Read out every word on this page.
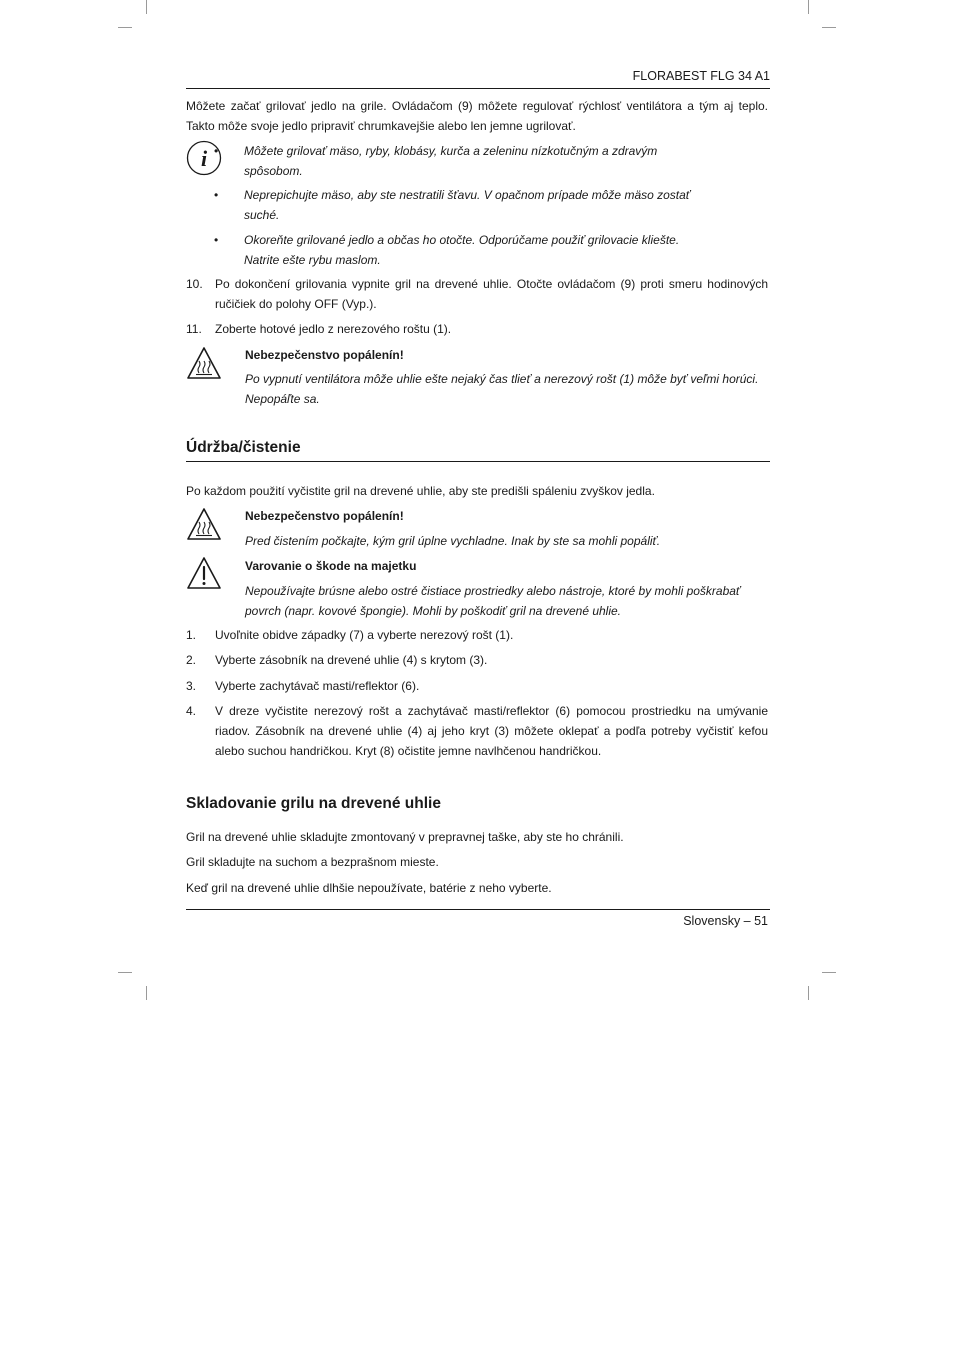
FLORABEST FLG 34 A1
Môžete začať grilovať jedlo na grile. Ovládačom (9) môžete regulovať rýchlosť ventilátora a tým aj teplo. Takto môže svoje jedlo pripraviť chrumkavejšie alebo len jemne ugrilovať.
i • Môžete grilovať mäso, ryby, klobásy, kurča a zeleninu nízkotučným a zdravým spôsobom.
• Neprepichujte mäso, aby ste nestratili šťavu. V opačnom prípade môže mäso zostať suché.
• Okoreňte grilované jedlo a občas ho otočte. Odporúčame použiť grilovacie kliešte. Natrite ešte rybu maslom.
10. Po dokončení grilovania vypnite gril na drevené uhlie. Otočte ovládačom (9) proti smeru hodinových ručičiek do polohy OFF (Vyp.).
11. Zoberte hotové jedlo z nerezového roštu (1).
Nebezpečenstvo popálenín!
Po vypnutí ventilátora môže uhlie ešte nejaký čas tlieť a nerezový rošt (1) môže byť veľmi horúci. Nepopáľte sa.
Údržba/čistenie
Po každom použití vyčistite gril na drevené uhlie, aby ste predišli spáleniu zvyškov jedla.
Nebezpečenstvo popálenín!
Pred čistením počkajte, kým gril úplne vychladne. Inak by ste sa mohli popáliť.
Varovanie o škode na majetku
Nepoužívajte brúsne alebo ostré čistiace prostriedky alebo nástroje, ktoré by mohli poškrabať povrch (napr. kovové špongie). Mohli by poškodiť gril na drevené uhlie.
1. Uvoľnite obidve západky (7) a vyberte nerezový rošt (1).
2. Vyberte zásobník na drevené uhlie (4) s krytom (3).
3. Vyberte zachytávač masti/reflektor (6).
4. V dreze vyčistite nerezový rošt a zachytávač masti/reflektor (6) pomocou prostriedku na umývanie riadov. Zásobník na drevené uhlie (4) aj jeho kryt (3) môžete oklepať a podľa potreby vyčistiť kefou alebo suchou handričkou. Kryt (8) očistite jemne navlhčenou handričkou.
Skladovanie grilu na drevené uhlie
Gril na drevené uhlie skladujte zmontovaný v prepravnej taške, aby ste ho chránili.
Gril skladujte na suchom a bezprašnom mieste.
Keď gril na drevené uhlie dlhšie nepoužívate, batérie z neho vyberte.
Slovensky – 51
